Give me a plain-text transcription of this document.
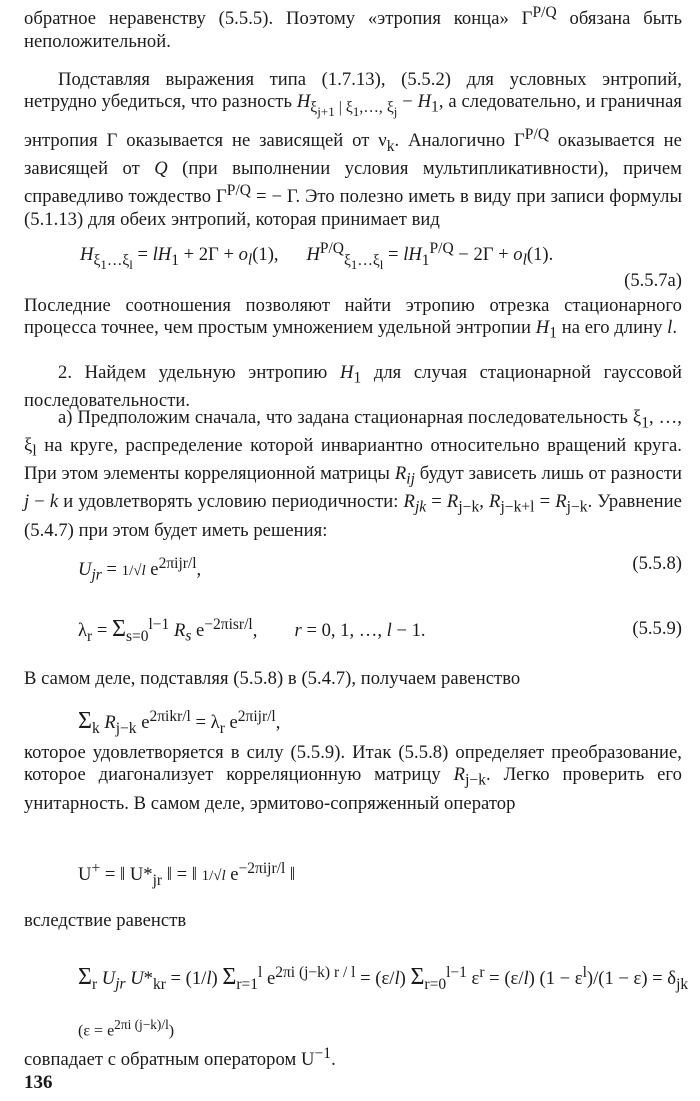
обратное неравенству (5.5.5). Поэтому «этропия конца» $\Gamma^{P/Q}$ обязана быть неположительной.

Подставляя выражения типа (1.7.13), (5.5.2) для условных энтропий, нетрудно убедиться, что разность $H_{\xi_{j+1} | \xi_1,\dots, \xi_j} - H_1$, а следовательно, и граничная энтропия Γ оказывается не зависящей от $\nu_k$. Аналогично $\Gamma^{P/Q}$ оказывается не зависящей от Q (при выполнении условия мультипликативности), причем справедливо тождество $\Gamma^{P/Q}$ = − Γ. Это полезно иметь в виду при записи формулы (5.1.13) для обеих энтропий, которая принимает вид

$H_{\xi_1\dots\xi_l} = lH_1 + 2\Gamma + o_l(1)$,      $H^{P/Q}_{\xi_1\dots\xi_l} = lH_1^{P/Q} - 2\Gamma + o_l(1)$.
(5.5.7a)

Последние соотношения позволяют найти этропию отрезка стационарного процесса точнее, чем простым умножением удельной энтропии $H_1$ на его длину l.

2. Найдем удельную энтропию $H_1$ для случая стационарной гауссовой последовательности.

а) Предположим сначала, что задана стационарная последовательность $\xi_1$, …, $\xi_l$ на круге, распределение которой инвариантно относительно вращений круга. При этом элементы корреляционной матрицы $R_{ij}$ будут зависеть лишь от разности j − k и удовлетворять условию периодичности: $R_{jk} = R_{j-k}$, $R_{j-k+l} = R_{j-k}$. Уравнение (5.4.7) при этом будет иметь решения:

$U_{jr} = 1/√l$ $e^{2\pi ijr/l}$,	(5.5.8)
$\lambda_r = \Sigma_{s=0}^{l-1}$ $R_s$ $e^{-2\pi isr/l}$,        r = 0, 1, …, l − 1.	(5.5.9)

В самом деле, подставляя (5.5.8) в (5.4.7), получаем равенство

$\Sigma_k$ $R_{j-k}$ $e^{2\pi ikr/l} = \lambda_r$ $e^{2\pi ijr/l}$,

которое удовлетворяется в силу (5.5.9). Итак (5.5.8) определяет преобразование, которое диагонализует корреляционную матрицу $R_{j-k}$. Легко проверить его унитарность. В самом деле, эрмитово-сопряженный оператор

U+ = ‖ $U*_{jr}$ ‖ = ‖ 1/√l $e^{-2\pi ijr/l}$ ‖

вследствие равенств

$\Sigma_r$ $U_{jr}$ $U*_{kr} = (1/l)$ $\Sigma_{r=1}^l$ $e^{2\pi i (j-k) r / l} = (\varepsilon/l)$ $\Sigma_{r=0}^{l-1}$ $\varepsilon^r = (\varepsilon/l) (1 - \varepsilon^l)/(1 - \varepsilon) = \delta_{jk}$
$(\varepsilon = e^{2\pi i (j-k)/l})$

совпадает с обратным оператором $U^{-1}$.

136
